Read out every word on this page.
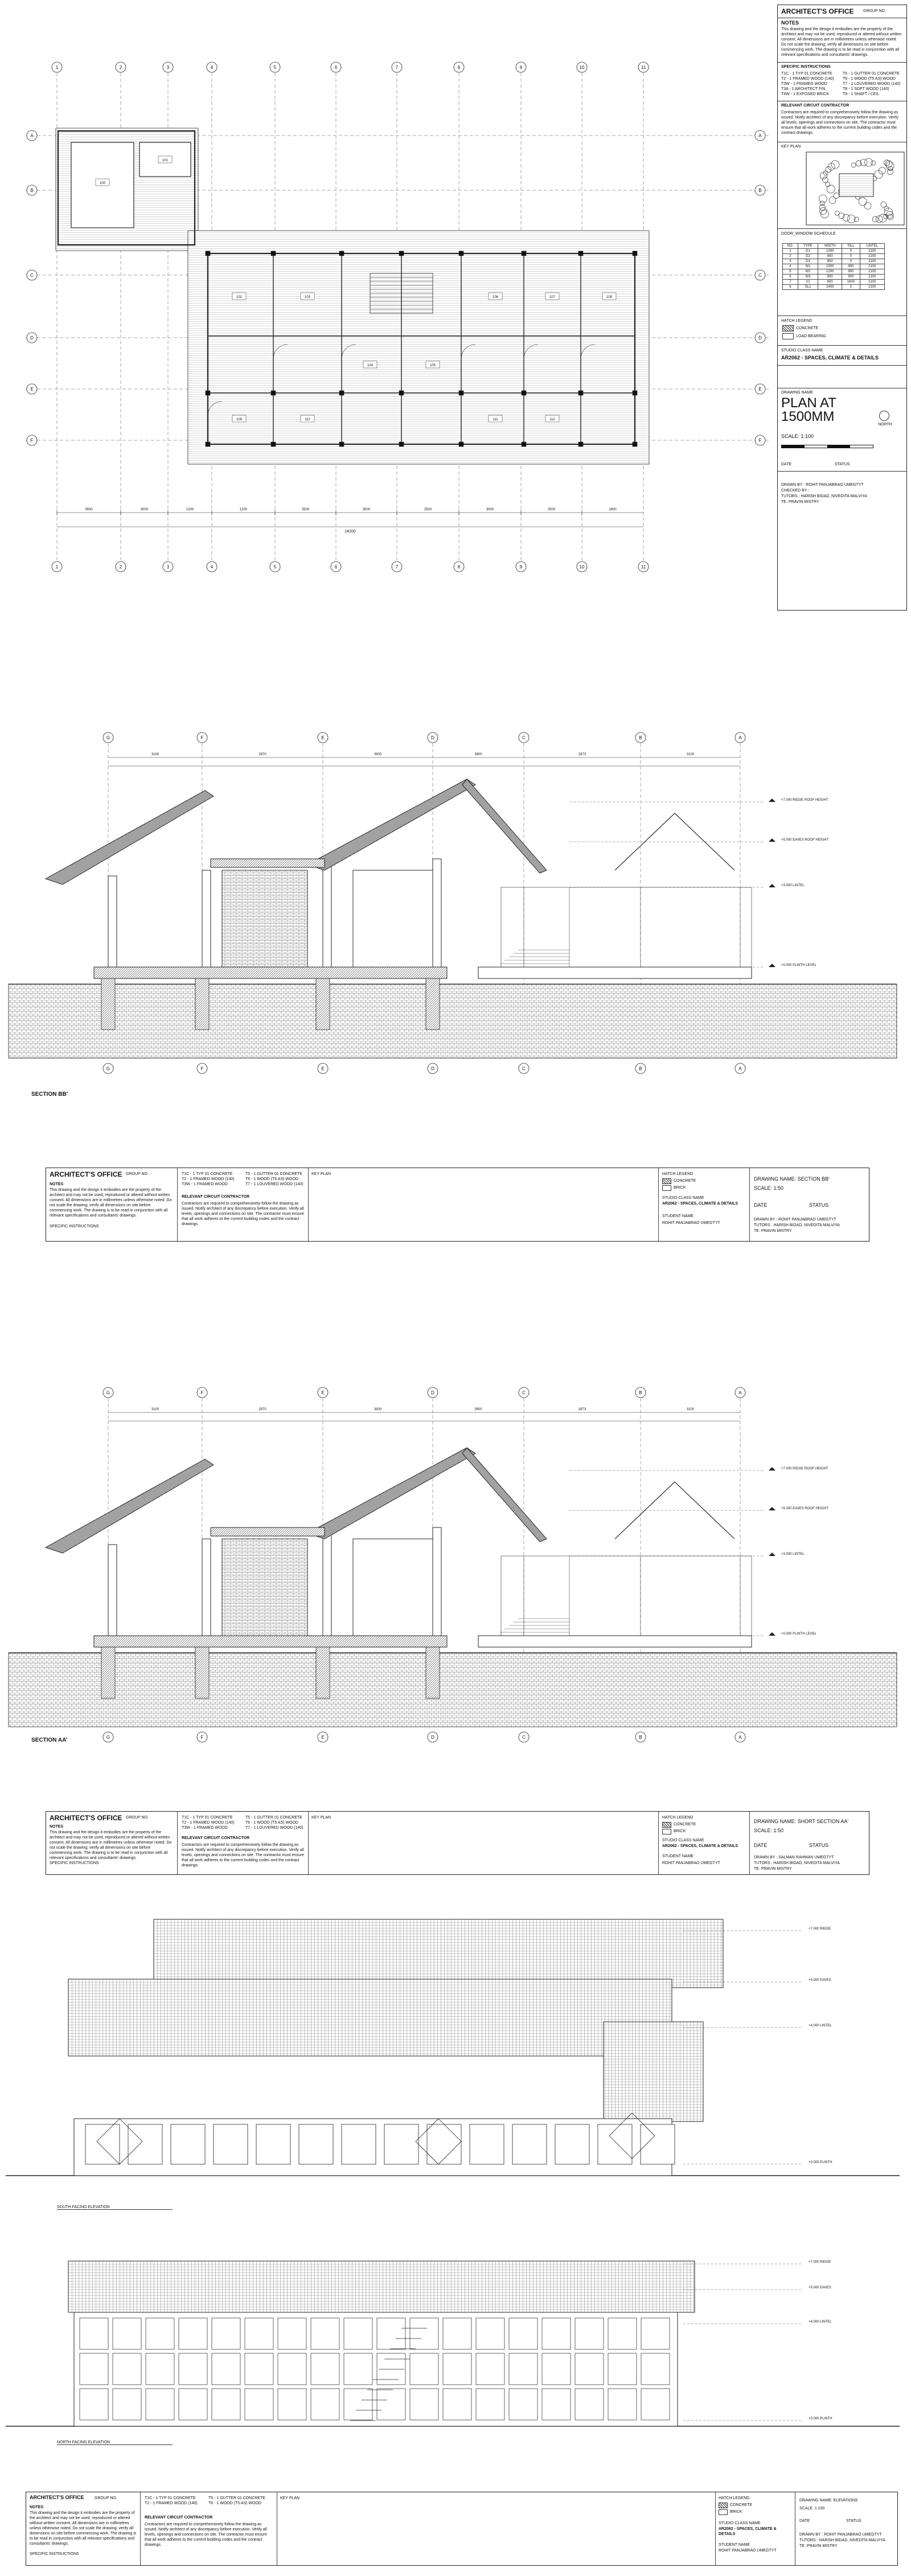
1
1
2
2
3
3
4
4
5
5
6
6
7
7
8
8
9
9
10
10
11
11
A	A
B	B
C	C
D	D
E	E
F	F
3500	3000	1200	1200	2500	3000	2500	3000	2500	1800
24200
100
101
102	103
104	105
106	107	108
109	110	111	112
ARCHITECT'S OFFICE GROUP NO.
NOTES
This drawing and the design it embodies are the property of the architect and may not be used, reproduced or altered without written consent. All dimensions are in millimetres unless otherwise noted. Do not scale the drawing; verify all dimensions on site before commencing work. The drawing is to be read in conjunction with all relevant specifications and consultants' drawings.
SPECIFIC INSTRUCTIONS
T1C - 1 TYP 01 CONCRETE
T2 - 1 FRAMED WOOD (140)
T3W - 1 FRAMED WOOD
T3A - 1 ARCHITECT FIN.
T4W - 1 EXPOSED BRICK
T5 - 1 GUTTER 01 CONCRETE
T6 - 1 WOOD (T5 AS) WOOD
T7 - 1 LOUVERED WOOD (140)
T8 - 1 SOFT WOOD (140)
T9 - 1 SHAFT / CEIL
RELEVANT CIRCUIT CONTRACTOR
Contractors are required to comprehensively follow the drawing as issued. Notify architect of any discrepancy before execution. Verify all levels, openings and connections on site. The contractor must ensure that all work adheres to the current building codes and the contract drawings.
KEY PLAN
DOOR_WINDOW SCHEDULE
NO.	TYPE	WIDTH	SILL	LINTEL
1	D1	1000	0	2100
2	D2	900	0	2100
3	D3	800	0	2100
4	W1	1500	900	2100
5	W2	1200	900	2100
6	W3	900	900	2100
7	V1	600	1800	2100
8	SL1	2400	0	2100
HATCH LEGEND
CONCRETE
LOAD BEARING
STUDIO CLASS NAME
AR2062 - SPACES, CLIMATE & DETAILS
DRAWING NAME
PLAN AT
1500MM
NORTH
SCALE: 1:100
DATE	STATUS
DRAWN BY : ROHIT PANJABRAO UMEGTYT
CHECKED BY :
TUTORS : HARISH BIDAD, NIVEDITA MALVIYA
TE. PRAVIN MISTRY
G
G
F
F
E
E
D
D
C
C
B
B
A
A
3100	2970	3900	3900	2873	3100
+7.000 RIDGE ROOF HEIGHT
+5.000 EAVES ROOF HEIGHT
+3.000 LINTEL
+0.000 PLINTH LEVEL
SECTION BB'
ARCHITECT'S OFFICE GROUP NO.
NOTES
This drawing and the design it embodies are the property of the architect and may not be used, reproduced or altered without written consent. All dimensions are in millimetres unless otherwise noted. Do not scale the drawing; verify all dimensions on site before commencing work. The drawing is to be read in conjunction with all relevant specifications and consultants' drawings.
SPECIFIC INSTRUCTIONS
T1C - 1 TYP 01 CONCRETE
T2 - 1 FRAMED WOOD (140)
T3W - 1 FRAMED WOOD
T5 - 1 GUTTER 01 CONCRETE
T6 - 1 WOOD (T5 AS) WOOD
T7 - 1 LOUVERED WOOD (140)
RELEVANT CIRCUIT CONTRACTOR
Contractors are required to comprehensively follow the drawing as issued. Notify architect of any discrepancy before execution. Verify all levels, openings and connections on site. The contractor must ensure that all work adheres to the current building codes and the contract drawings.
KEY PLAN	HATCH LEGEND
CONCRETE
BRICK
STUDIO CLASS NAME
AR2062 - SPACES, CLIMATE & DETAILS
STUDENT NAME
ROHIT PANJABRAO UMEGTYT
DRAWING NAME: SECTION BB'
SCALE: 1:50
DATE	STATUS
DRAWN BY : ROHIT PANJABRAO UMEGTYT
TUTORS : HARISH BIDAD, NIVEDITA MALVIYA
TE. PRAVIN MISTRY
G
G
F
F
E
E
D
D
C
C
B
B
A
A
3100	2970	3900	3900	2873	3100
+7.000 RIDGE ROOF HEIGHT
+5.000 EAVES ROOF HEIGHT
+3.000 LINTEL
+0.000 PLINTH LEVEL
SECTION AA'
ARCHITECT'S OFFICE GROUP NO.
NOTES
This drawing and the design it embodies are the property of the architect and may not be used, reproduced or altered without written consent. All dimensions are in millimetres unless otherwise noted. Do not scale the drawing; verify all dimensions on site before commencing work. The drawing is to be read in conjunction with all relevant specifications and consultants' drawings.
SPECIFIC INSTRUCTIONS
T1C - 1 TYP 01 CONCRETE
T2 - 1 FRAMED WOOD (140)
T3W - 1 FRAMED WOOD
T5 - 1 GUTTER 01 CONCRETE
T6 - 1 WOOD (T5 AS) WOOD
T7 - 1 LOUVERED WOOD (140)
RELEVANT CIRCUIT CONTRACTOR
Contractors are required to comprehensively follow the drawing as issued. Notify architect of any discrepancy before execution. Verify all levels, openings and connections on site. The contractor must ensure that all work adheres to the current building codes and the contract drawings.
KEY PLAN	HATCH LEGEND
CONCRETE
BRICK
STUDIO CLASS NAME
AR2062 - SPACES, CLIMATE & DETAILS
STUDENT NAME
ROHIT PANJABRAO UMEGTYT
DRAWING NAME: SHORT SECTION AA'
SCALE: 1:50
DATE	STATUS
DRAWN BY : SALMAN RAHMAN UMEGTYT
TUTORS : HARISH BIDAD, NIVEDITA MALVIYA
TE. PRAVIN MISTRY
+7.000 RIDGE
+5.000 EAVES
+4.000 LINTEL
+0.000 PLINTH
+7.000 RIDGE
+5.000 EAVES
+4.000 LINTEL
+0.000 PLINTH
SOUTH FACING ELEVATION
NORTH FACING ELEVATION
ARCHITECT'S OFFICE	GROUP NO.
NOTES
This drawing and the design it embodies are the property of the architect and may not be used, reproduced or altered without written consent. All dimensions are in millimetres unless otherwise noted. Do not scale the drawing; verify all dimensions on site before commencing work. The drawing is to be read in conjunction with all relevant specifications and consultants' drawings.
SPECIFIC INSTRUCTIONS
T1C - 1 TYP 01 CONCRETE
T2 - 1 FRAMED WOOD (140)
T5 - 1 GUTTER 01 CONCRETE
T6 - 1 WOOD (T5 AS) WOOD
RELEVANT CIRCUIT CONTRACTOR
Contractors are required to comprehensively follow the drawing as issued. Notify architect of any discrepancy before execution. Verify all levels, openings and connections on site. The contractor must ensure that all work adheres to the current building codes and the contract drawings.
KEY PLAN	HATCH LEGEND
CONCRETE
BRICK
STUDIO CLASS NAME
AR2062 - SPACES, CLIMATE & DETAILS
STUDENT NAME
ROHIT PANJABRAO UMEGTYT
DRAWING NAME: ELEVATIONS
SCALE: 1:100
DATE	STATUS
DRAWN BY : ROHIT PANJABRAO UMEGTYT
TUTORS : HARISH BIDAD, NIVEDITA MALVIYA
TE. PRAVIN MISTRY
